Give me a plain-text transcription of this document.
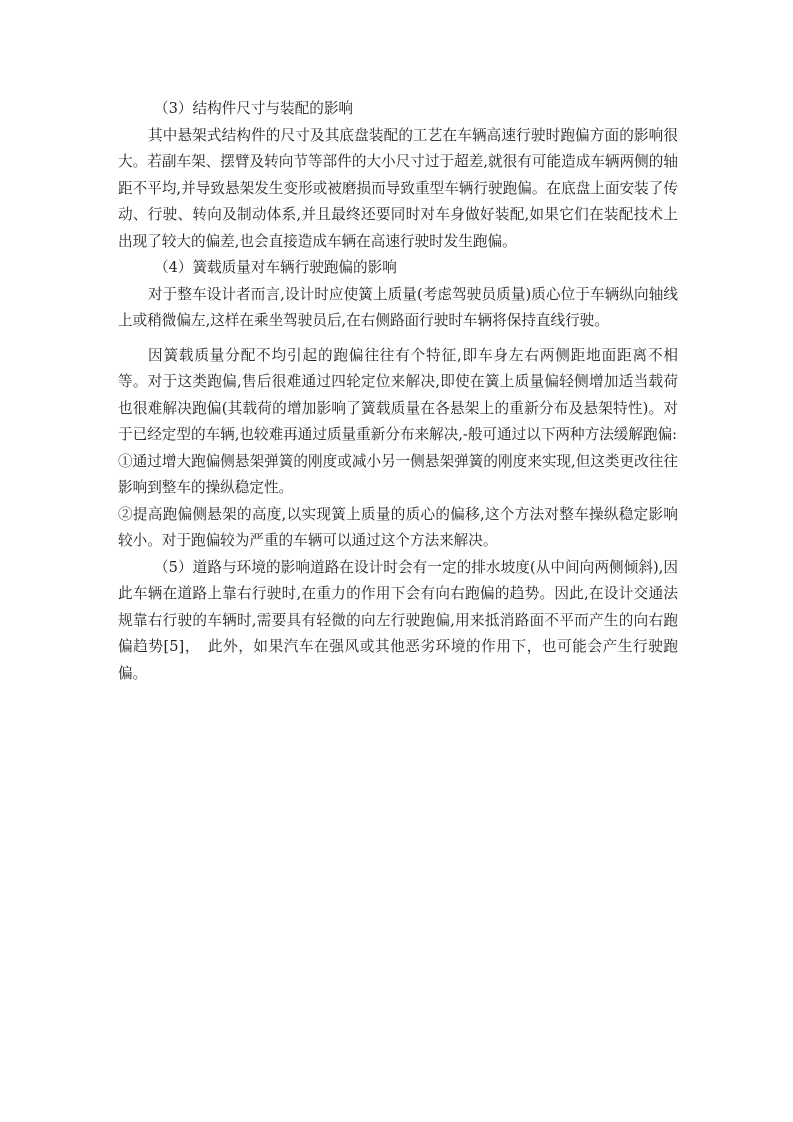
（3）结构件尺寸与装配的影响

其中悬架式结构件的尺寸及其底盘装配的工艺在车辆高速行驶时跑偏方面的影响很大。若副车架、摆臂及转向节等部件的大小尺寸过于超差,就很有可能造成车辆两侧的轴距不平均,并导致悬架发生变形或被磨损而导致重型车辆行驶跑偏。在底盘上面安装了传动、行驶、转向及制动体系,并且最终还要同时对车身做好装配,如果它们在装配技术上出现了较大的偏差,也会直接造成车辆在高速行驶时发生跑偏。

（4）簧载质量对车辆行驶跑偏的影响

对于整车设计者而言,设计时应使簧上质量(考虑驾驶员质量)质心位于车辆纵向轴线上或稍微偏左,这样在乘坐驾驶员后,在右侧路面行驶时车辆将保持直线行驶。

因簧载质量分配不均引起的跑偏往往有个特征,即车身左右两侧距地面距离不相等。对于这类跑偏,售后很难通过四轮定位来解决,即使在簧上质量偏轻侧增加适当载荷也很难解决跑偏(其载荷的增加影响了簧载质量在各悬架上的重新分布及悬架特性)。对于已经定型的车辆,也较难再通过质量重新分布来解决,-般可通过以下两种方法缓解跑偏:

①通过增大跑偏侧悬架弹簧的刚度或减小另一侧悬架弹簧的刚度来实现,但这类更改往往影响到整车的操纵稳定性。

②提高跑偏侧悬架的高度,以实现簧上质量的质心的偏移,这个方法对整车操纵稳定影响较小。对于跑偏较为严重的车辆可以通过这个方法来解决。

（5）道路与环境的影响道路在设计时会有一定的排水坡度(从中间向两侧倾斜),因此车辆在道路上靠右行驶时,在重力的作用下会有向右跑偏的趋势。因此,在设计交通法规靠右行驶的车辆时,需要具有轻微的向左行驶跑偏,用来抵消路面不平而产生的向右跑偏趋势[5]，　此外，如果汽车在强风或其他恶劣环境的作用下，也可能会产生行驶跑偏。
